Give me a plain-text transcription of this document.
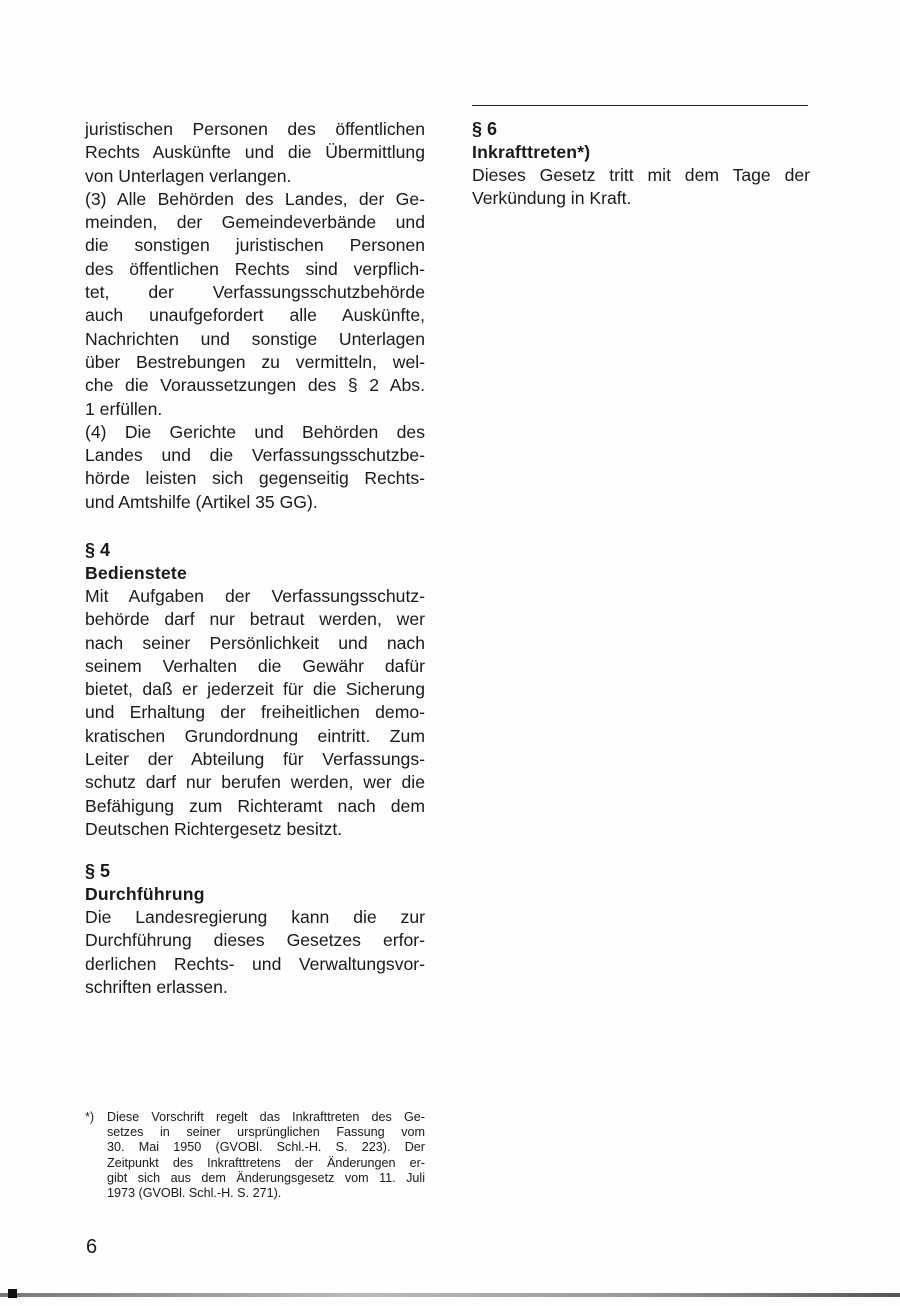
juristischen Personen des öffentlichen
Rechts Auskünfte und die Übermittlung
von Unterlagen verlangen.
(3) Alle Behörden des Landes, der Ge-
meinden, der Gemeindeverbände und
die sonstigen juristischen Personen
des öffentlichen Rechts sind verpflich-
tet, der Verfassungsschutzbehörde
auch unaufgefordert alle Auskünfte,
Nachrichten und sonstige Unterlagen
über Bestrebungen zu vermitteln, wel-
che die Voraussetzungen des § 2 Abs.
1 erfüllen.
(4) Die Gerichte und Behörden des
Landes und die Verfassungsschutzbe-
hörde leisten sich gegenseitig Rechts-
und Amtshilfe (Artikel 35 GG).
§ 4
Bedienstete
Mit Aufgaben der Verfassungsschutz-
behörde darf nur betraut werden, wer
nach seiner Persönlichkeit und nach
seinem Verhalten die Gewähr dafür
bietet, daß er jederzeit für die Sicherung
und Erhaltung der freiheitlichen demo-
kratischen Grundordnung eintritt. Zum
Leiter der Abteilung für Verfassungs-
schutz darf nur berufen werden, wer die
Befähigung zum Richteramt nach dem
Deutschen Richtergesetz besitzt.
§ 5
Durchführung
Die Landesregierung kann die zur
Durchführung dieses Gesetzes erfor-
derlichen Rechts- und Verwaltungsvor-
schriften erlassen.
§ 6
Inkrafttreten*)
Dieses Gesetz tritt mit dem Tage der
Verkündung in Kraft.
*) Diese Vorschrift regelt das Inkrafttreten des Ge-
setzes in seiner ursprünglichen Fassung vom
30. Mai 1950 (GVOBl. Schl.-H. S. 223). Der
Zeitpunkt des Inkrafttretens der Änderungen er-
gibt sich aus dem Änderungsgesetz vom 11. Juli
1973 (GVOBl. Schl.-H. S. 271).
6
